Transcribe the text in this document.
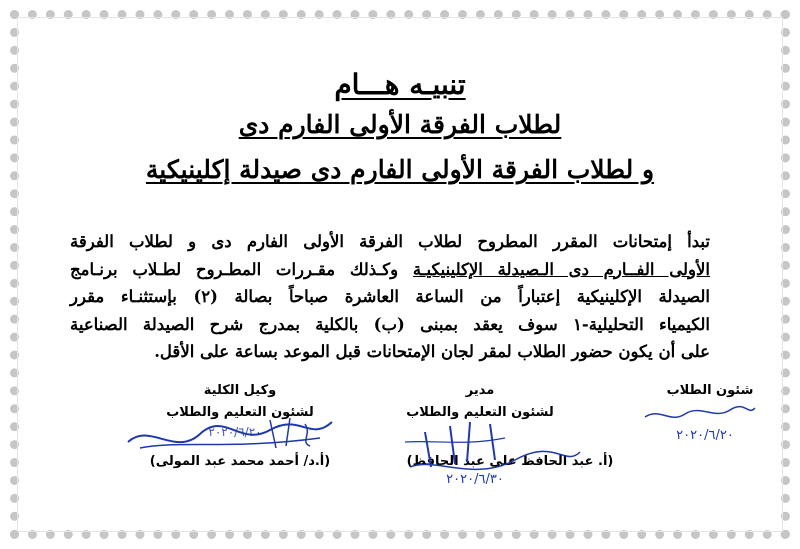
تنبيـه هـــام
لطلاب الفرقة الأولى الفارم دى
و لطلاب الفرقة الأولى الفارم دى صيدلة إكلينيكية
تبدأ إمتحانات المقرر المطروح لطلاب الفرقة الأولى الفارم دى و لطلاب الفرقة
الأولى الفــارم دى الـصيدلة الإكلينيكيـة وكـذلك مقـررات المطـروح لطـلاب برنـامج
الصيدلة الإكلينيكية إعتباراً من الساعة العاشرة صباحاً بصالة (٢) بإستثنـاء مقرر
الكيمياء التحليلية-١ سوف يعقد بمبنى (ب) بالكلية بمدرج شرح الصيدلة الصناعية
على أن يكون حضور الطلاب لمقر لجان الإمتحانات قبل الموعد بساعة على الأقل.
وكيل الكلية
لشئون التعليم والطلاب
(أ.د/ أحمد محمد عبد المولى)
٢٠٢٠/٦/٢٠
مدير
لشئون التعليم والطلاب
(أ. عبد الحافظ على عبد الحافظ)
٢٠٢٠/٦/٣٠
شئون الطلاب
٢٠٢٠/٦/٢٠
